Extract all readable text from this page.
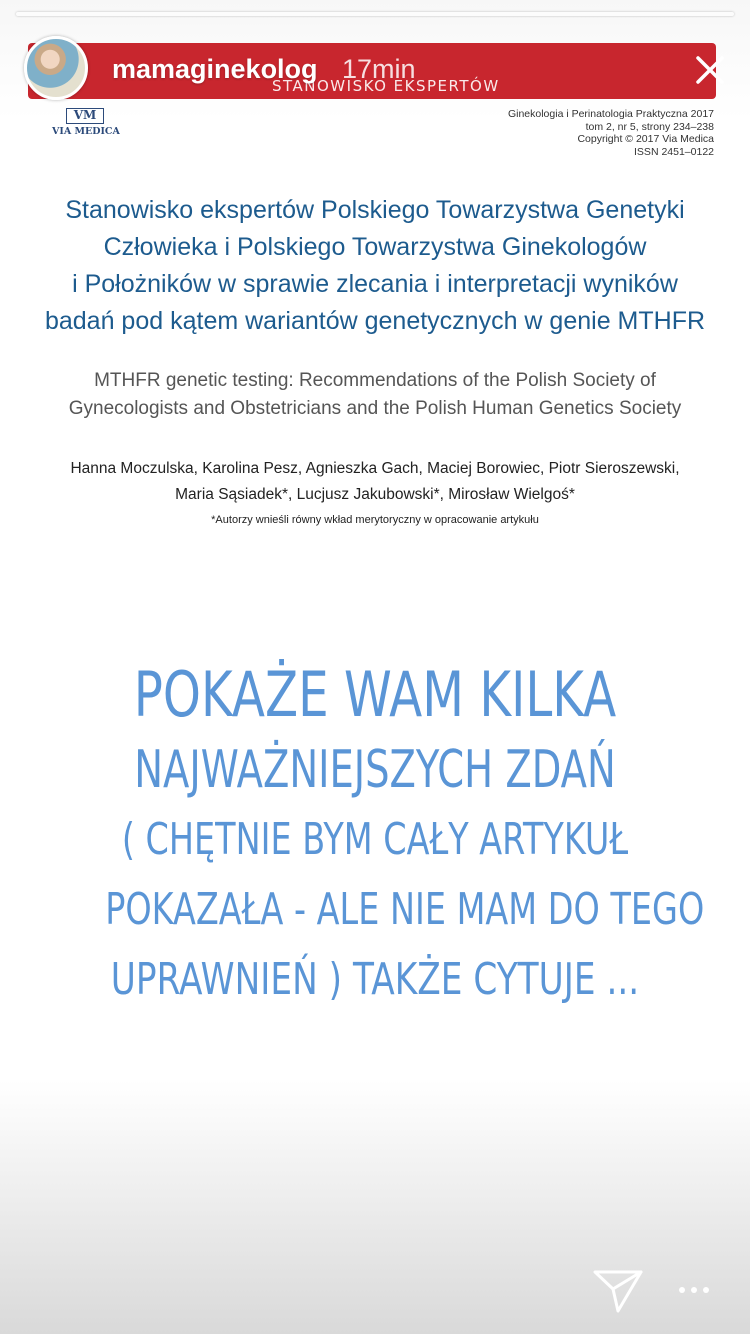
STANOWISKO EKSPERTÓW
mamaginekolog 17min
VM
VIA MEDICA
Ginekologia i Perinatologia Praktyczna 2017
tom 2, nr 5, strony 234–238
Copyright © 2017 Via Medica
ISSN 2451–0122
Stanowisko ekspertów Polskiego Towarzystwa Genetyki
Człowieka i Polskiego Towarzystwa Ginekologów
i Położników w sprawie zlecania i interpretacji wyników
badań pod kątem wariantów genetycznych w genie MTHFR
MTHFR genetic testing: Recommendations of the Polish Society of
Gynecologists and Obstetricians and the Polish Human Genetics Society
Hanna Moczulska, Karolina Pesz, Agnieszka Gach, Maciej Borowiec, Piotr Sieroszewski,
Maria Sąsiadek*, Lucjusz Jakubowski*, Mirosław Wielgoś*
*Autorzy wnieśli równy wkład merytoryczny w opracowanie artykułu
POKAŻE WAM KILKA
NAJWAŻNIEJSZYCH ZDAŃ
( CHĘTNIE BYM CAŁY ARTYKUŁ
POKAZAŁA - ALE NIE MAM DO TEGO
UPRAWNIEŃ ) TAKŻE CYTUJE ...
